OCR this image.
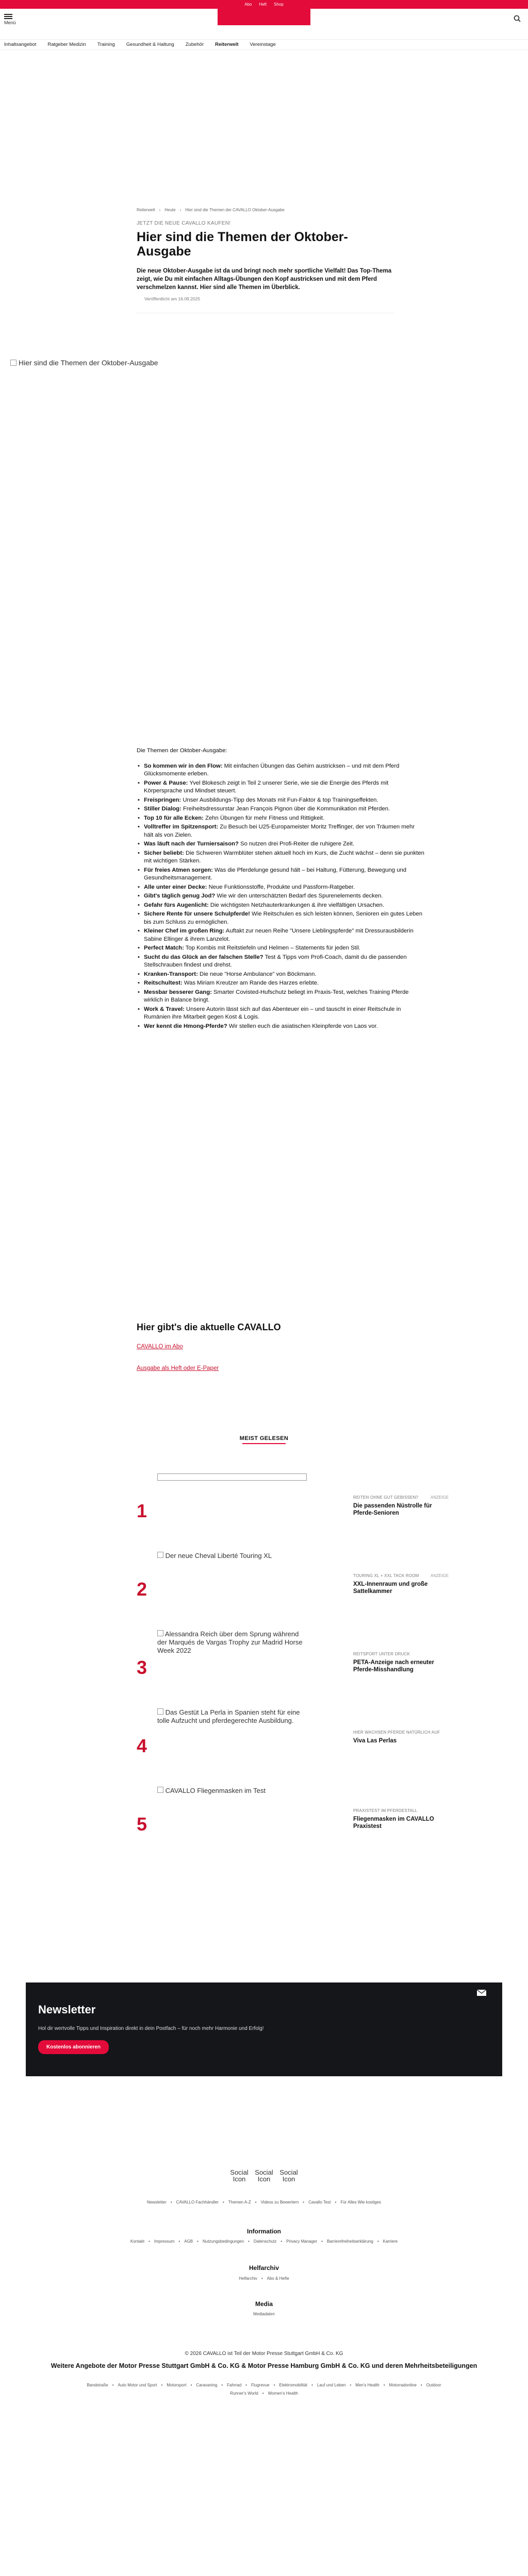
Abo Heft Shop
Menü
Inhaltsangebot Ratgeber Medizin Training Gesundheit & Haltung Zubehör Reiterwelt Vereinstage
Reiterwelt › Heute › Hier sind die Themen der CAVALLO Oktober-Ausgabe
JETZT DIE NEUE CAVALLO KAUFEN!
Hier sind die Themen der Oktober-Ausgabe

Die neue Oktober-Ausgabe ist da und bringt noch mehr sportliche Vielfalt! Das Top-Thema zeigt, wie Du mit einfachen Alltags-Übungen den Kopf austricksen und mit dem Pferd verschmelzen kannst. Hier sind alle Themen im Überblick.

Veröffentlicht am 16.09.2025
Hier sind die Themen der Oktober-Ausgabe

Die Themen der Oktober-Ausgabe:

• So kommen wir in den Flow: Mit einfachen Übungen das Gehirn austricksen – und mit dem Pferd Glücksmomente erleben.
• Power & Pause: Yvel Blokesch zeigt in Teil 2 unserer Serie, wie sie die Energie des Pferds mit Körpersprache und Mindset steuert.
• Freispringen: Unser Ausbildungs-Tipp des Monats mit Fun-Faktor & top Trainingseffekten.
• Stiller Dialog: Freiheitsdressurstar Jean François Pignon über die Kommunikation mit Pferden.
• Top 10 für alle Ecken: Zehn Übungen für mehr Fitness und Rittigkeit.
• Volltreffer im Spitzensport: Zu Besuch bei U25-Europameister Moritz Treffinger, der von Träumen mehr hält als von Zielen.
• Was läuft nach der Turniersaison? So nutzen drei Profi-Reiter die ruhigere Zeit.
• Sicher beliebt: Die Schweren Warmblüter stehen aktuell hoch im Kurs, die Zucht wächst – denn sie punkten mit wichtigen Stärken.
• Für freies Atmen sorgen: Was die Pferdelunge gesund hält – bei Haltung, Fütterung, Bewegung und Gesundheitsmanagement.
• Alle unter einer Decke: Neue Funktionsstoffe, Produkte und Passform-Ratgeber.
• Gibt's täglich genug Jod? Wie wir den unterschätzten Bedarf des Spurenelements decken.
• Gefahr fürs Augenlicht: Die wichtigsten Netzhauterkrankungen & ihre vielfältigen Ursachen.
• Sichere Rente für unsere Schulpferde! Wie Reitschulen es sich leisten können, Senioren ein gutes Leben bis zum Schluss zu ermöglichen.
• Kleiner Chef im großen Ring: Auftakt zur neuen Reihe "Unsere Lieblingspferde" mit Dressurausbilderin Sabine Ellinger & ihrem Lanzelot.
• Perfect Match: Top Kombis mit Reitstiefeln und Helmen – Statements für jeden Stil.
• Sucht du das Glück an der falschen Stelle? Test & Tipps vom Profi-Coach, damit du die passenden Stellschrauben findest und drehst.
• Kranken-Transport: Die neue "Horse Ambulance" von Böckmann.
• Reitschultest: Was Miriam Kreutzer am Rande des Harzes erlebte.
• Messbar besserer Gang: Smarter Covisted-Hufschutz beliegt im Praxis-Test, welches Training Pferde wirklich in Balance bringt.
• Work & Travel: Unsere Autorin lässt sich auf das Abenteuer ein – und tauscht in einer Reitschule in Rumänien ihre Mitarbeit gegen Kost & Logis.
• Wer kennt die Hmong-Pferde? Wir stellen euch die asiatischen Kleinpferde von Laos vor.
Hier gibt's die aktuelle CAVALLO
CAVALLO im Abo
Ausgabe als Heft oder E-Paper
MEIST GELESEN
1
REITEN OHNE GUT GEBISSEN?
Die passenden Nüstrolle für Pferde-Senioren
ANZEIGE
2
Der neue Cheval Liberté Touring XL
TOURING XL + XXL TACK ROOM
XXL-Innenraum und große Sattelkammer
ANZEIGE
3
Alessandra Reich über dem Sprung während der Marqués de Vargas Trophy zur Madrid Horse Week 2022	REITSPORT UNTER DRUCK
PETA-Anzeige nach erneuter Pferde-Misshandlung
4
Das Gestüt La Perla in Spanien steht für eine tolle Aufzucht und pferdegerechte Ausbildung.
HIER WACHSEN PFERDE NATÜRLICH AUF
Viva Las Perlas
5
CAVALLO Fliegenmasken im Test
PRAXISTEST IM PFERDESTALL
Fliegenmasken im CAVALLO Praxistest
Newsletter

Hol dir wertvolle Tipps und Inspiration direkt in dein Postfach – für noch mehr Harmonie und Erfolg!

Kostenlos abonnieren
Social Icon
Social Icon
Social Icon
Newsletter • CAVALLO Fachhändler • Themen A-Z • Videos zu Bewertern • Cavallo Test • Für Alles Wie kostiges
Information
Kontakt • Impressum • AGB • Nutzungsbedingungen • Datenschutz • Privacy Manager • Barrierefreiheitserklärung • Karriere
Helfarchiv
Helfarchiv • Abo & Hefte
Media
Mediadaten
© 2026 CAVALLO ist Teil der Motor Presse Stuttgart GmbH & Co. KG
Weitere Angebote der Motor Presse Stuttgart GmbH & Co. KG & Motor Presse Hamburg GmbH & Co. KG und deren Mehrheitsbeteiligungen
Bandstraße • Auto Motor und Sport • Motorsport • Caravaning • Fahrrad • Flugrevue • Elektromobilität • Lauf und Leben • Men's Health • Motorradonline • Outdoor
Runner's World • Women's Health
